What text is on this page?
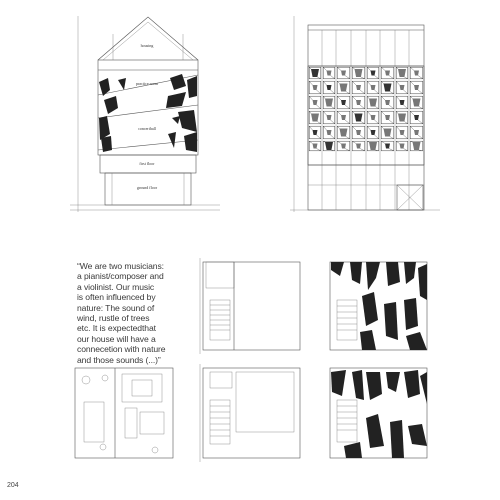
housing
practice room
concerthall
first floor
ground floor
“We are two musicians:
a pianist/composer and
a violinist. Our music
is often influenced by
nature: The sound of
wind, rustle of trees
etc. It is expectedthat
our house will have a
connecetion with nature
and those sounds (...)”
204
